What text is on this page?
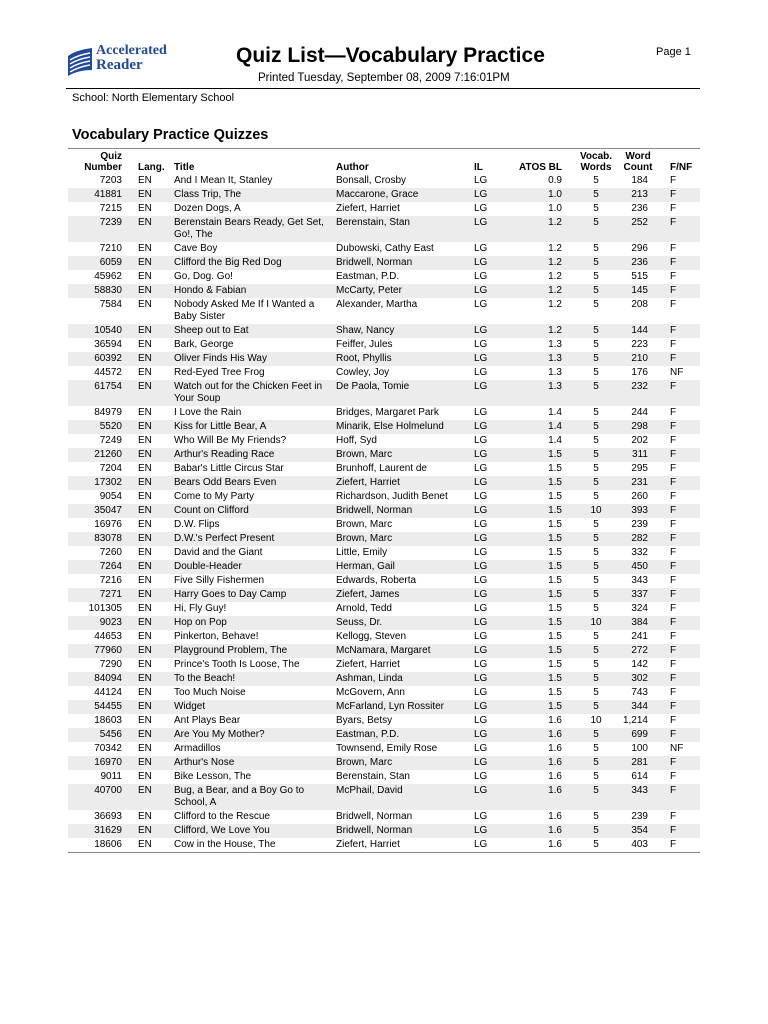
Accelerated
Reader	Quiz List—Vocabulary Practice	Page 1
Printed Tuesday, September 08, 2009 7:16:01PM
School: North Elementary School
Vocabulary Practice Quizzes
Quiz Number	Lang.	Title	Author	IL	ATOS BL	Vocab. Words	Word Count	F/NF
7203	EN	And I Mean It, Stanley	Bonsall, Crosby	LG	0.9	5	184	F
41881	EN	Class Trip, The	Maccarone, Grace	LG	1.0	5	213	F
7215	EN	Dozen Dogs, A	Ziefert, Harriet	LG	1.0	5	236	F
7239	EN	Berenstain Bears Ready, Get Set, Go!, The	Berenstain, Stan	LG	1.2	5	252	F
7210	EN	Cave Boy	Dubowski, Cathy East	LG	1.2	5	296	F
6059	EN	Clifford the Big Red Dog	Bridwell, Norman	LG	1.2	5	236	F
45962	EN	Go, Dog. Go!	Eastman, P.D.	LG	1.2	5	515	F
58830	EN	Hondo & Fabian	McCarty, Peter	LG	1.2	5	145	F
7584	EN	Nobody Asked Me If I Wanted a Baby Sister	Alexander, Martha	LG	1.2	5	208	F
10540	EN	Sheep out to Eat	Shaw, Nancy	LG	1.2	5	144	F
36594	EN	Bark, George	Feiffer, Jules	LG	1.3	5	223	F
60392	EN	Oliver Finds His Way	Root, Phyllis	LG	1.3	5	210	F
44572	EN	Red-Eyed Tree Frog	Cowley, Joy	LG	1.3	5	176	NF
61754	EN	Watch out for the Chicken Feet in Your Soup	De Paola, Tomie	LG	1.3	5	232	F
84979	EN	I Love the Rain	Bridges, Margaret Park	LG	1.4	5	244	F
5520	EN	Kiss for Little Bear, A	Minarik, Else Holmelund	LG	1.4	5	298	F
7249	EN	Who Will Be My Friends?	Hoff, Syd	LG	1.4	5	202	F
21260	EN	Arthur's Reading Race	Brown, Marc	LG	1.5	5	311	F
7204	EN	Babar's Little Circus Star	Brunhoff, Laurent de	LG	1.5	5	295	F
17302	EN	Bears Odd Bears Even	Ziefert, Harriet	LG	1.5	5	231	F
9054	EN	Come to My Party	Richardson, Judith Benet	LG	1.5	5	260	F
35047	EN	Count on Clifford	Bridwell, Norman	LG	1.5	10	393	F
16976	EN	D.W. Flips	Brown, Marc	LG	1.5	5	239	F
83078	EN	D.W.'s Perfect Present	Brown, Marc	LG	1.5	5	282	F
7260	EN	David and the Giant	Little, Emily	LG	1.5	5	332	F
7264	EN	Double-Header	Herman, Gail	LG	1.5	5	450	F
7216	EN	Five Silly Fishermen	Edwards, Roberta	LG	1.5	5	343	F
7271	EN	Harry Goes to Day Camp	Ziefert, James	LG	1.5	5	337	F
101305	EN	Hi, Fly Guy!	Arnold, Tedd	LG	1.5	5	324	F
9023	EN	Hop on Pop	Seuss, Dr.	LG	1.5	10	384	F
44653	EN	Pinkerton, Behave!	Kellogg, Steven	LG	1.5	5	241	F
77960	EN	Playground Problem, The	McNamara, Margaret	LG	1.5	5	272	F
7290	EN	Prince's Tooth Is Loose, The	Ziefert, Harriet	LG	1.5	5	142	F
84094	EN	To the Beach!	Ashman, Linda	LG	1.5	5	302	F
44124	EN	Too Much Noise	McGovern, Ann	LG	1.5	5	743	F
54455	EN	Widget	McFarland, Lyn Rossiter	LG	1.5	5	344	F
18603	EN	Ant Plays Bear	Byars, Betsy	LG	1.6	10	1,214	F
5456	EN	Are You My Mother?	Eastman, P.D.	LG	1.6	5	699	F
70342	EN	Armadillos	Townsend, Emily Rose	LG	1.6	5	100	NF
16970	EN	Arthur's Nose	Brown, Marc	LG	1.6	5	281	F
9011	EN	Bike Lesson, The	Berenstain, Stan	LG	1.6	5	614	F
40700	EN	Bug, a Bear, and a Boy Go to School, A	McPhail, David	LG	1.6	5	343	F
36693	EN	Clifford to the Rescue	Bridwell, Norman	LG	1.6	5	239	F
31629	EN	Clifford, We Love You	Bridwell, Norman	LG	1.6	5	354	F
18606	EN	Cow in the House, The	Ziefert, Harriet	LG	1.6	5	403	F
